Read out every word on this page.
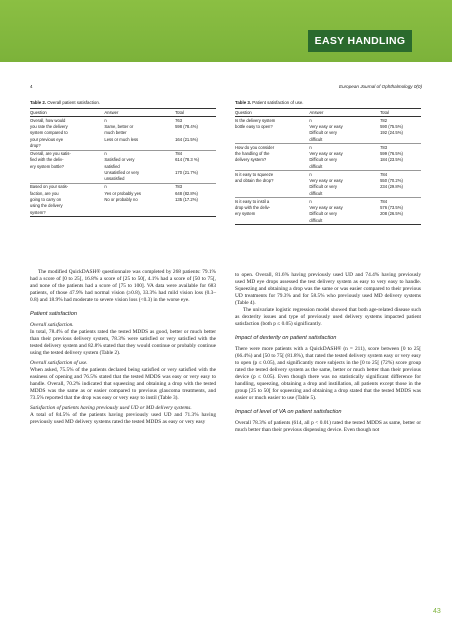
EASY HANDLING
4	European Journal of Ophthalmology 0(0)
Table 2. Overall patient satisfaction.
Question	Answer	Total
Overall, how would	n	763
you rate the delivery	Same, better or	598 (78.4%)
system compared to	much better	
your previous eye	Less or much less	164 (21.5%)
drop?		
Overall, are you satis-	n	784
fied with the deliv-	Satisfied or very	614 (78.3 %)
ery system bottle?	satisfied	
	Unsatisfied or very	170 (21.7%)
	unsatisfied	
Based on your satis-	n	783
faction, are you	Yes or probably yes	648 (82.8%)
going to carry on	No or probably no	135 (17.2%)
using the delivery		
system?		
Table 3. Patient satisfaction of use.
Question	Answer	Total
Is the delivery system	n	782
bottle easy to open?	Very easy or easy	590 (75.5%)
	Difficult or very	192 (24.5%)
	difficult	
How do you consider	n	783
the handling of the	Very easy or easy	599 (76.5%)
delivery system?	Difficult or very	184 (23.5%)
	difficult	
Is it easy to squeeze	n	784
and obtain the drop?	Very easy or easy	550 (70.2%)
	Difficult or very	234 (29.8%)
	difficult	
Is it easy to instil a	n	784
drop with the deliv-	Very easy or easy	576 (73.5%)
ery system	Difficult or very	208 (26.5%)
	difficult	

The modified QuickDASH® questionnaire was completed by 268 patients: 79.1% had a score of [0 to 25[, 16.8% a score of [25 to 50[, 4.1% had a score of [50 to 75[, and none of the patients had a score of [75 to 100]. VA data were available for 683 patients, of those 47.9% had normal vision (≥0.8), 33.3% had mild vision loss (0.3–0.8) and 18.9% had moderate to severe vision loss (<0.3) in the worse eye.

Patient satisfaction

Overall satisfaction.
In total, 78.4% of the patients rated the tested MDDS as good, better or much better than their previous delivery system, 78.3% were satisfied or very satisfied with the tested delivery system and 82.8% stated that they would continue or probably continue using the tested delivery system (Table 2).

Overall satisfaction of use.
When asked, 75.5% of the patients declared being satisfied or very satisfied with the easiness of opening and 76.5% stated that the tested MDDS was easy or very easy to handle. Overall, 70.2% indicated that squeezing and obtaining a drop with the tested MDDS was the same as or easier compared to previous glaucoma treatments, and 73.5% reported that the drop was easy or very easy to instil (Table 3).

Satisfaction of patients having previously used UD or MD delivery systems.
A total of 84.5% of the patients having previously used UD and 71.3% having previously used MD delivery systems rated the tested MDDS as easy or very easy

to open. Overall, 81.6% having previously used UD and 74.4% having previously used MD eye drops assessed the test delivery system as easy to very easy to handle. Squeezing and obtaining a drop was the same or was easier compared to their previous UD treatments for 79.3% and for 58.5% who previously used MD delivery systems (Table 4).

The univariate logistic regression model showed that both age-related disease such as dexterity issues and type of previously used delivery systems impacted patient satisfaction (both p ≤ 0.05) significantly.

Impact of dexterity on patient satisfaction

There were more patients with a QuickDASH® (n = 211), score between [0 to 25[ (66.4%) and [50 to 75[ (81.8%), that rated the tested delivery system easy or very easy to open (p ≤ 0.05), and significantly more subjects in the [0 to 25[ (72%) score group rated the tested delivery system as the same, better or much better than their previous device (p ≤ 0.05). Even though there was no statistically significant difference for handling, squeezing, obtaining a drop and instillation, all patients except those in the group [25 to 50[ for squeezing and obtaining a drop stated that the tested MDDS was easier or much easier to use (Table 5).

Impact of level of VA on patient satisfaction

Overall 78.3% of patients (614, all p < 0.01) rated the tested MDDS as same, better or much better than their previous dispensing device. Even though not

43
